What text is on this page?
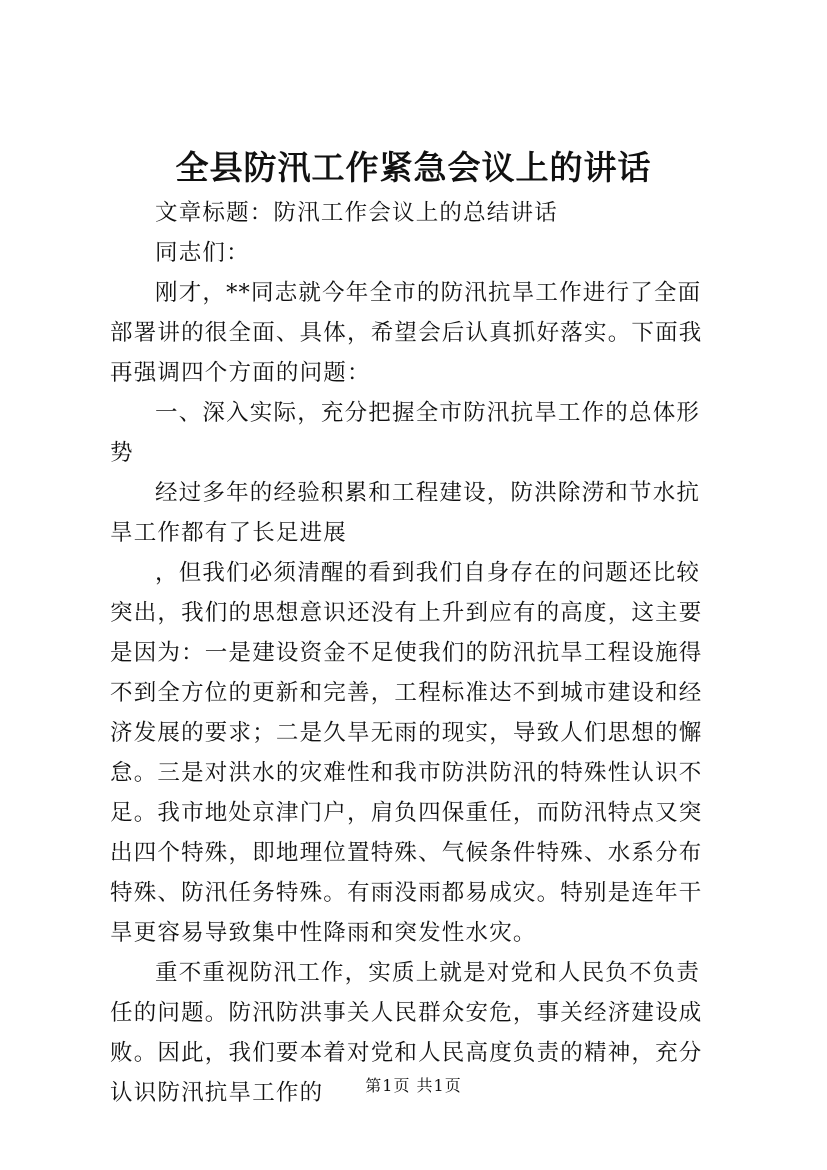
全县防汛工作紧急会议上的讲话

文章标题：防汛工作会议上的总结讲话

同志们：

刚才，**同志就今年全市的防汛抗旱工作进行了全面部署讲的很全面、具体，希望会后认真抓好落实。下面我再强调四个方面的问题：

一、深入实际，充分把握全市防汛抗旱工作的总体形势

经过多年的经验积累和工程建设，防洪除涝和节水抗旱工作都有了长足进展

，但我们必须清醒的看到我们自身存在的问题还比较突出，我们的思想意识还没有上升到应有的高度，这主要是因为：一是建设资金不足使我们的防汛抗旱工程设施得不到全方位的更新和完善，工程标准达不到城市建设和经济发展的要求；二是久旱无雨的现实，导致人们思想的懈怠。三是对洪水的灾难性和我市防洪防汛的特殊性认识不足。我市地处京津门户，肩负四保重任，而防汛特点又突出四个特殊，即地理位置特殊、气候条件特殊、水系分布特殊、防汛任务特殊。有雨没雨都易成灾。特别是连年干旱更容易导致集中性降雨和突发性水灾。

重不重视防汛工作，实质上就是对党和人民负不负责任的问题。防汛防洪事关人民群众安危，事关经济建设成败。因此，我们要本着对党和人民高度负责的精神，充分认识防汛抗旱工作的	第1页 共1页
